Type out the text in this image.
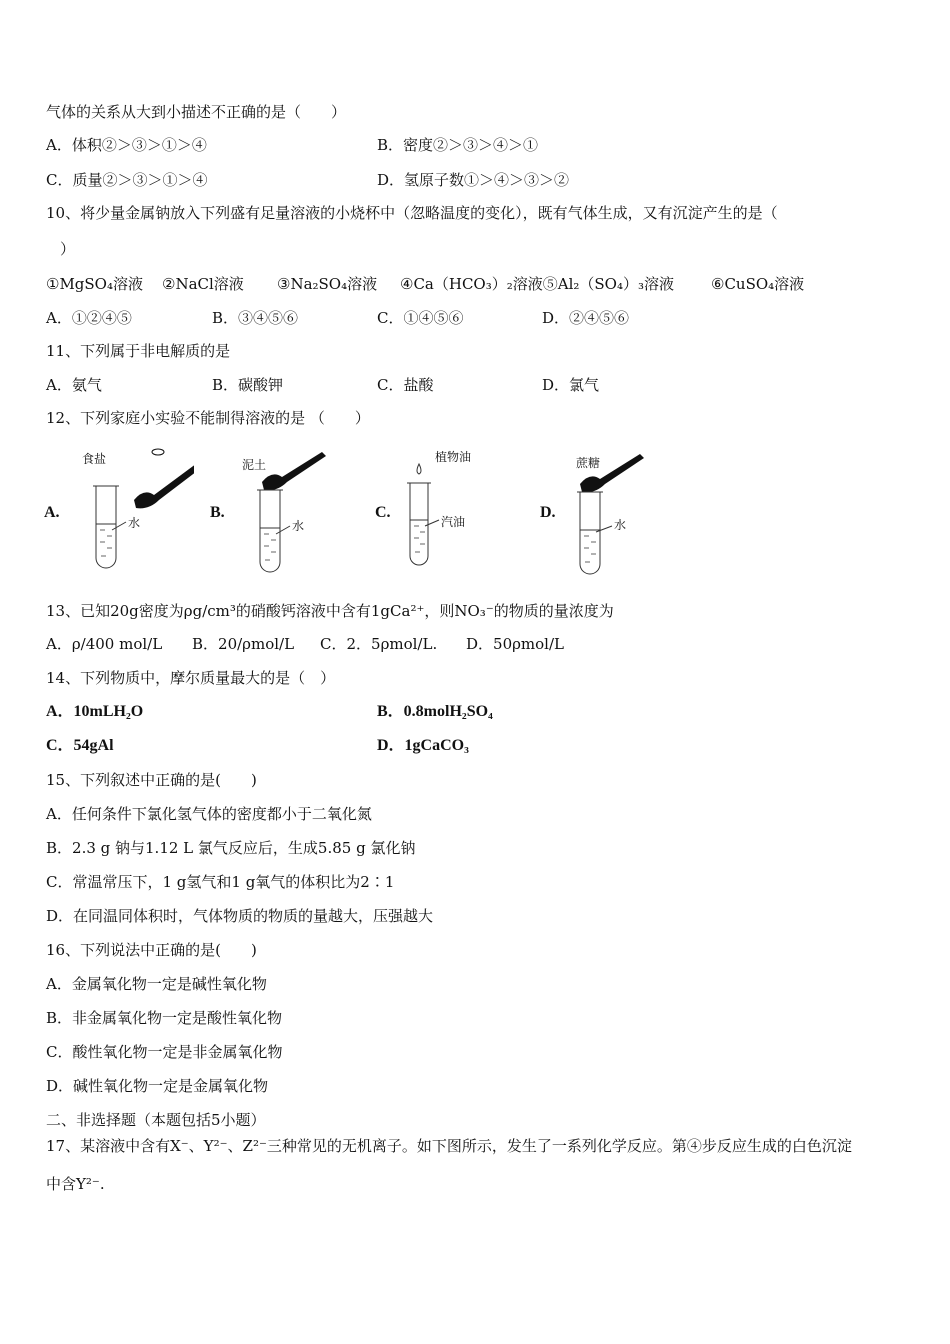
气体的关系从大到小描述不正确的是（　　）
A．体积②＞③＞①＞④	B．密度②＞③＞④＞①
C．质量②＞③＞①＞④	D．氢原子数①＞④＞③＞②
10、将少量金属钠放入下列盛有足量溶液的小烧杯中（忽略温度的变化），既有气体生成，又有沉淀产生的是（
）
①MgSO₄溶液 ②NaCl溶液 ③Na₂SO₄溶液 ④Ca（HCO₃）₂溶液⑤Al₂（SO₄）₃溶液 ⑥CuSO₄溶液
A．①②④⑤	B．③④⑤⑥	C．①④⑤⑥	D．②④⑤⑥
11、下列属于非电解质的是
A．氨气	B．碳酸钾	C．盐酸	D．氯气
12、下列家庭小实验不能制得溶液的是 （　　）
A.
食盐
水
B.
泥土
水
C.
植物油
汽油
D.
蔗糖
水
13、已知20g密度为ρg/cm³的硝酸钙溶液中含有1gCa²⁺，则NO₃⁻的物质的量浓度为
A．ρ/400 mol/L B．20/ρmol/L C．2．5ρmol/L. D．50ρmol/L
14、下列物质中，摩尔质量最大的是（　）
A．10mLH₂O	B．0.8molH₂SO₄
C．54gAl	D．1gCaCO₃
15、下列叙述中正确的是(　　)
A．任何条件下氯化氢气体的密度都小于二氧化氮
B．2.3 g 钠与1.12 L 氯气反应后，生成5.85 g 氯化钠
C．常温常压下，1 g氢气和1 g氧气的体积比为2∶1
D．在同温同体积时，气体物质的物质的量越大，压强越大
16、下列说法中正确的是(　　)
A．金属氧化物一定是碱性氧化物
B．非金属氧化物一定是酸性氧化物
C．酸性氧化物一定是非金属氧化物
D．碱性氧化物一定是金属氧化物
二、非选择题（本题包括5小题）
17、某溶液中含有X⁻、Y²⁻、Z²⁻三种常见的无机离子。如下图所示，发生了一系列化学反应。第④步反应生成的白色沉淀
中含Y²⁻.
